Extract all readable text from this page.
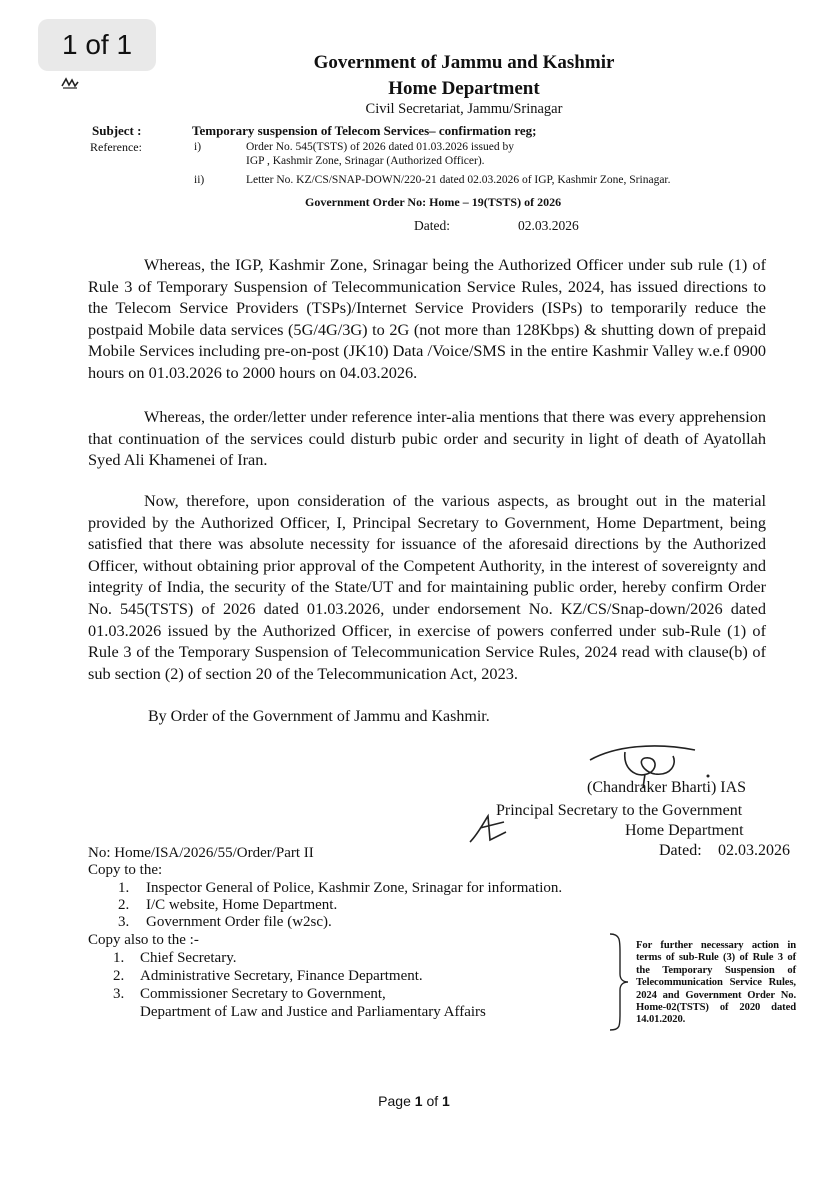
1 of 1
Government of Jammu and Kashmir
Home Department
Civil Secretariat, Jammu/Srinagar
Subject :	Temporary suspension of Telecom Services– confirmation reg;
Reference:	i)	Order No. 545(TSTS) of 2026 dated 01.03.2026 issued by
IGP , Kashmir Zone, Srinagar (Authorized Officer).
ii)	Letter No. KZ/CS/SNAP-DOWN/220-21 dated 02.03.2026 of IGP, Kashmir Zone, Srinagar.
Government Order No: Home – 19(TSTS) of 2026
Dated:	02.03.2026

Whereas, the IGP, Kashmir Zone, Srinagar being the Authorized Officer under sub rule (1) of Rule 3 of Temporary Suspension of Telecommunication Service Rules, 2024, has issued directions to the Telecom Service Providers (TSPs)/Internet Service Providers (ISPs) to temporarily reduce the postpaid Mobile data services (5G/4G/3G) to 2G (not more than 128Kbps) & shutting down of prepaid Mobile Services including pre-on-post (JK10) Data /Voice/SMS in the entire Kashmir Valley w.e.f 0900 hours on 01.03.2026 to 2000 hours on 04.03.2026.

Whereas, the order/letter under reference inter-alia mentions that there was every apprehension that continuation of the services could disturb pubic order and security in light of death of Ayatollah Syed Ali Khamenei of Iran.

Now, therefore, upon consideration of the various aspects, as brought out in the material provided by the Authorized Officer, I, Principal Secretary to Government, Home Department, being satisfied that there was absolute necessity for issuance of the aforesaid directions by the Authorized Officer, without obtaining prior approval of the Competent Authority, in the interest of sovereignty and integrity of India, the security of the State/UT and for maintaining public order, hereby confirm Order No. 545(TSTS) of 2026 dated 01.03.2026, under endorsement No. KZ/CS/Snap-down/2026 dated 01.03.2026 issued by the Authorized Officer, in exercise of powers conferred under sub-Rule (1) of Rule 3 of the Temporary Suspension of Telecommunication Service Rules, 2024 read with clause(b) of sub section (2) of section 20 of the Telecommunication Act, 2023.

By Order of the Government of Jammu and Kashmir.
(Chandraker Bharti) IAS
Principal Secretary to the Government
Home Department
Dated: 02.03.2026
No: Home/ISA/2026/55/Order/Part II
Copy to the:
1. Inspector General of Police, Kashmir Zone, Srinagar for information.
2. I/C website, Home Department.
3. Government Order file (w2sc).
Copy also to the :-
1. Chief Secretary.
2. Administrative Secretary, Finance Department.
3. Commissioner Secretary to Government,
Department of Law and Justice and Parliamentary Affairs
For further necessary action in terms of sub-Rule (3) of Rule 3 of the Temporary Suspension of Telecommunication Service Rules, 2024 and Government Order No. Home-02(TSTS) of 2020 dated 14.01.2020.
Page 1 of 1
